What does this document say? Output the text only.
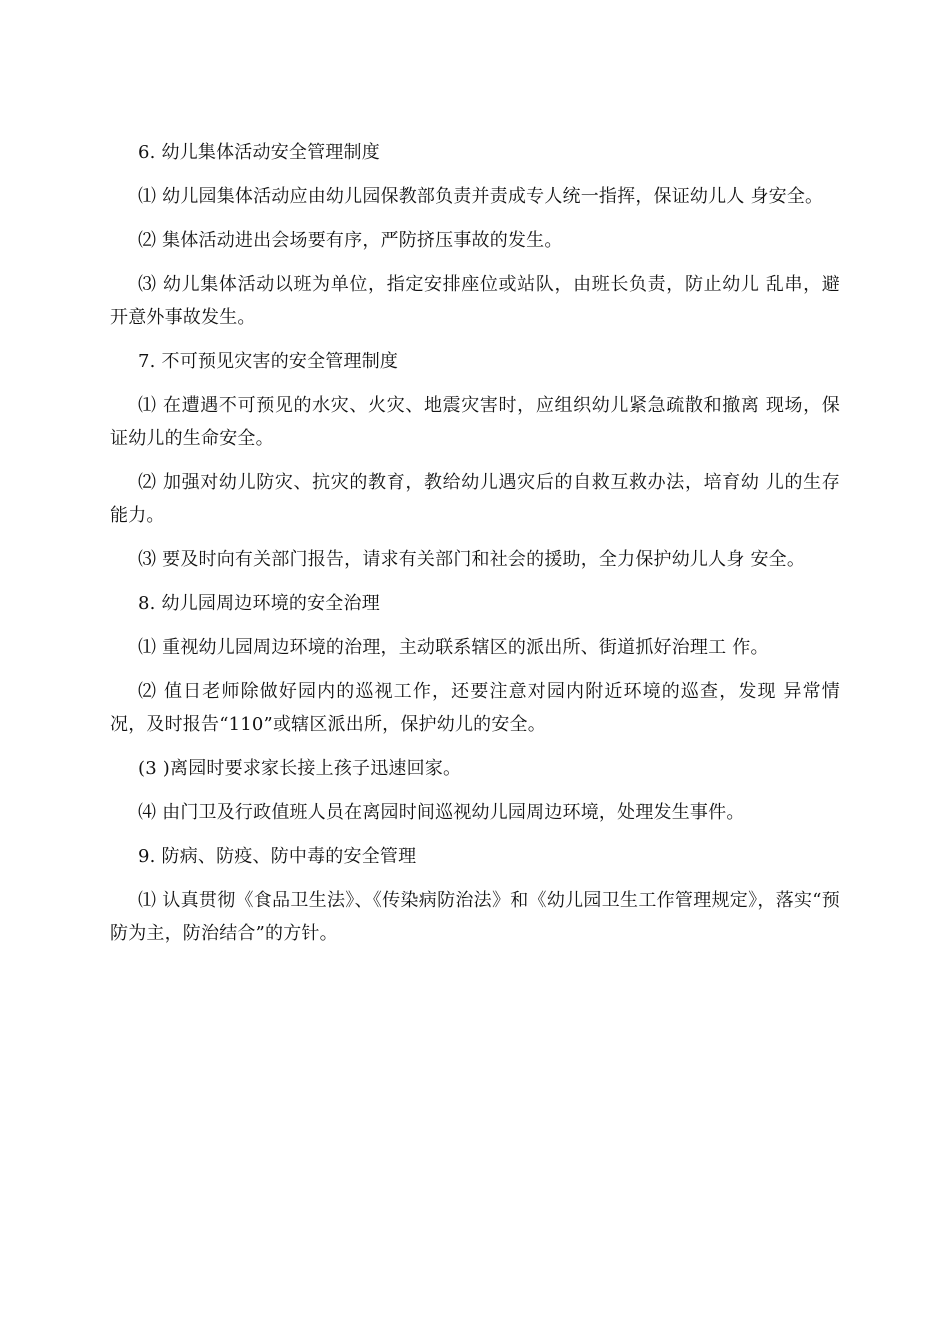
6. 幼儿集体活动安全管理制度

⑴ 幼儿园集体活动应由幼儿园保教部负责并责成专人统一指挥，保证幼儿人 身安全。

⑵ 集体活动进出会场要有序，严防挤压事故的发生。

⑶ 幼儿集体活动以班为单位，指定安排座位或站队，由班长负责，防止幼儿 乱串，避开意外事故发生。

7. 不可预见灾害的安全管理制度

⑴ 在遭遇不可预见的水灾、火灾、地震灾害时，应组织幼儿紧急疏散和撤离 现场，保证幼儿的生命安全。

⑵ 加强对幼儿防灾、抗灾的教育，教给幼儿遇灾后的自救互救办法，培育幼 儿的生存能力。

⑶ 要及时向有关部门报告，请求有关部门和社会的援助，全力保护幼儿人身 安全。

8. 幼儿园周边环境的安全治理

⑴ 重视幼儿园周边环境的治理，主动联系辖区的派出所、街道抓好治理工 作。

⑵ 值日老师除做好园内的巡视工作，还要注意对园内附近环境的巡查，发现 异常情况，及时报告“110”或辖区派出所，保护幼儿的安全。

(3 )离园时要求家长接上孩子迅速回家。

⑷ 由门卫及行政值班人员在离园时间巡视幼儿园周边环境，处理发生事件。

9. 防病、防疫、防中毒的安全管理

⑴ 认真贯彻《食品卫生法》、《传染病防治法》和《幼儿园卫生工作管理规定》，落实“预防为主，防治结合”的方针。
